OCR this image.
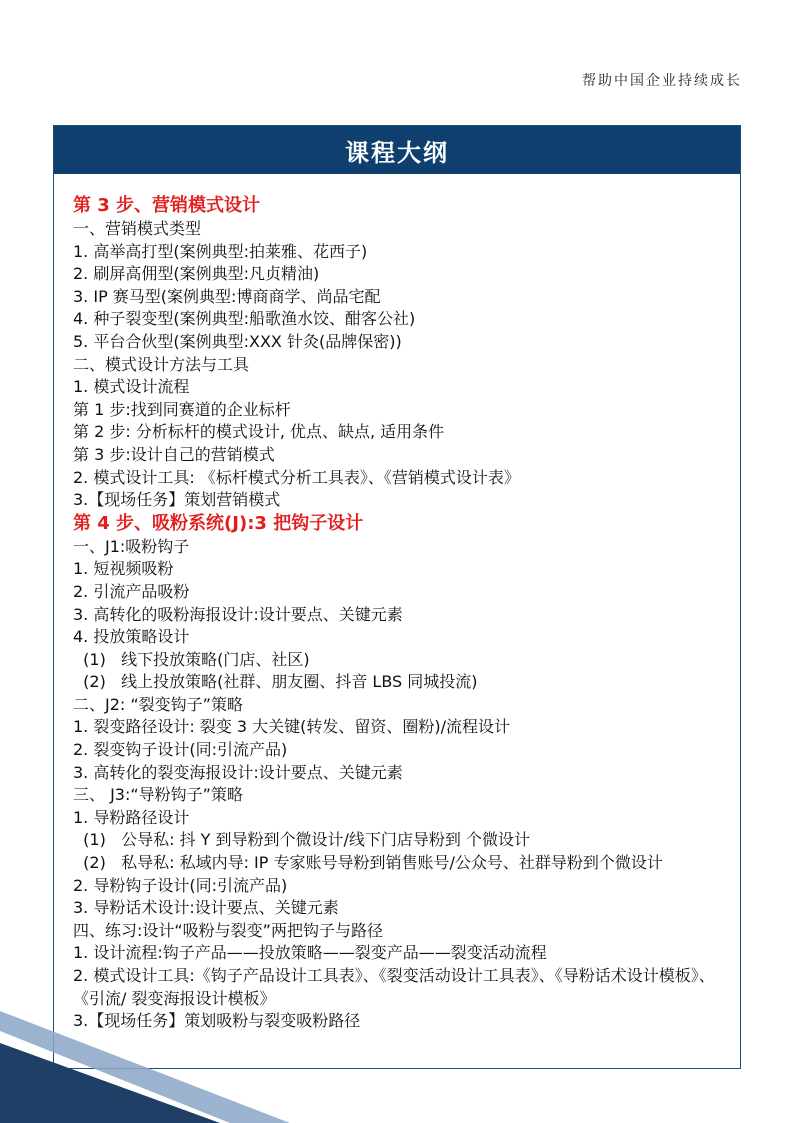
帮助中国企业持续成长
课程大纲
第 3 步、营销模式设计
一、营销模式类型
1. 高举高打型(案例典型:拍莱雅、花西子)
2. 刷屏高佣型(案例典型:凡贞精油)
3. IP 赛马型(案例典型:博商商学、尚品宅配
4. 种子裂变型(案例典型:船歌渔水饺、酣客公社)
5. 平台合伙型(案例典型:XXX 针灸(品牌保密))
二、模式设计方法与工具
1. 模式设计流程
第 1 步:找到同赛道的企业标杆
第 2 步: 分析标杆的模式设计, 优点、缺点, 适用条件
第 3 步:设计自己的营销模式
2. 模式设计工具: 《标杆模式分析工具表》、《营销模式设计表》
3.【现场任务】策划营销模式
第 4 步、吸粉系统(J):3 把钩子设计
一、J1:吸粉钩子
1. 短视频吸粉
2. 引流产品吸粉
3. 高转化的吸粉海报设计:设计要点、关键元素
4. 投放策略设计
(1)   线下投放策略(门店、社区)
(2)   线上投放策略(社群、朋友圈、抖音 LBS 同城投流)
二、J2: “裂变钩子”策略
1. 裂变路径设计: 裂变 3 大关键(转发、留资、圈粉)/流程设计
2. 裂变钩子设计(同:引流产品)
3. 高转化的裂变海报设计:设计要点、关键元素
三、 J3:“导粉钩子”策略
1. 导粉路径设计
(1)   公导私: 抖 Y 到导粉到个微设计/线下门店导粉到 个微设计
(2)   私导私: 私域内导: IP 专家账号导粉到销售账号/公众号、社群导粉到个微设计
2. 导粉钩子设计(同:引流产品)
3. 导粉话术设计:设计要点、关键元素
四、练习:设计“吸粉与裂变”两把钩子与路径
1. 设计流程:钩子产品——投放策略——裂变产品——裂变活动流程
2. 模式设计工具:《钩子产品设计工具表》、《裂变活动设计工具表》、《导粉话术设计模板》、《引流/ 裂变海报设计模板》
3.【现场任务】策划吸粉与裂变吸粉路径
